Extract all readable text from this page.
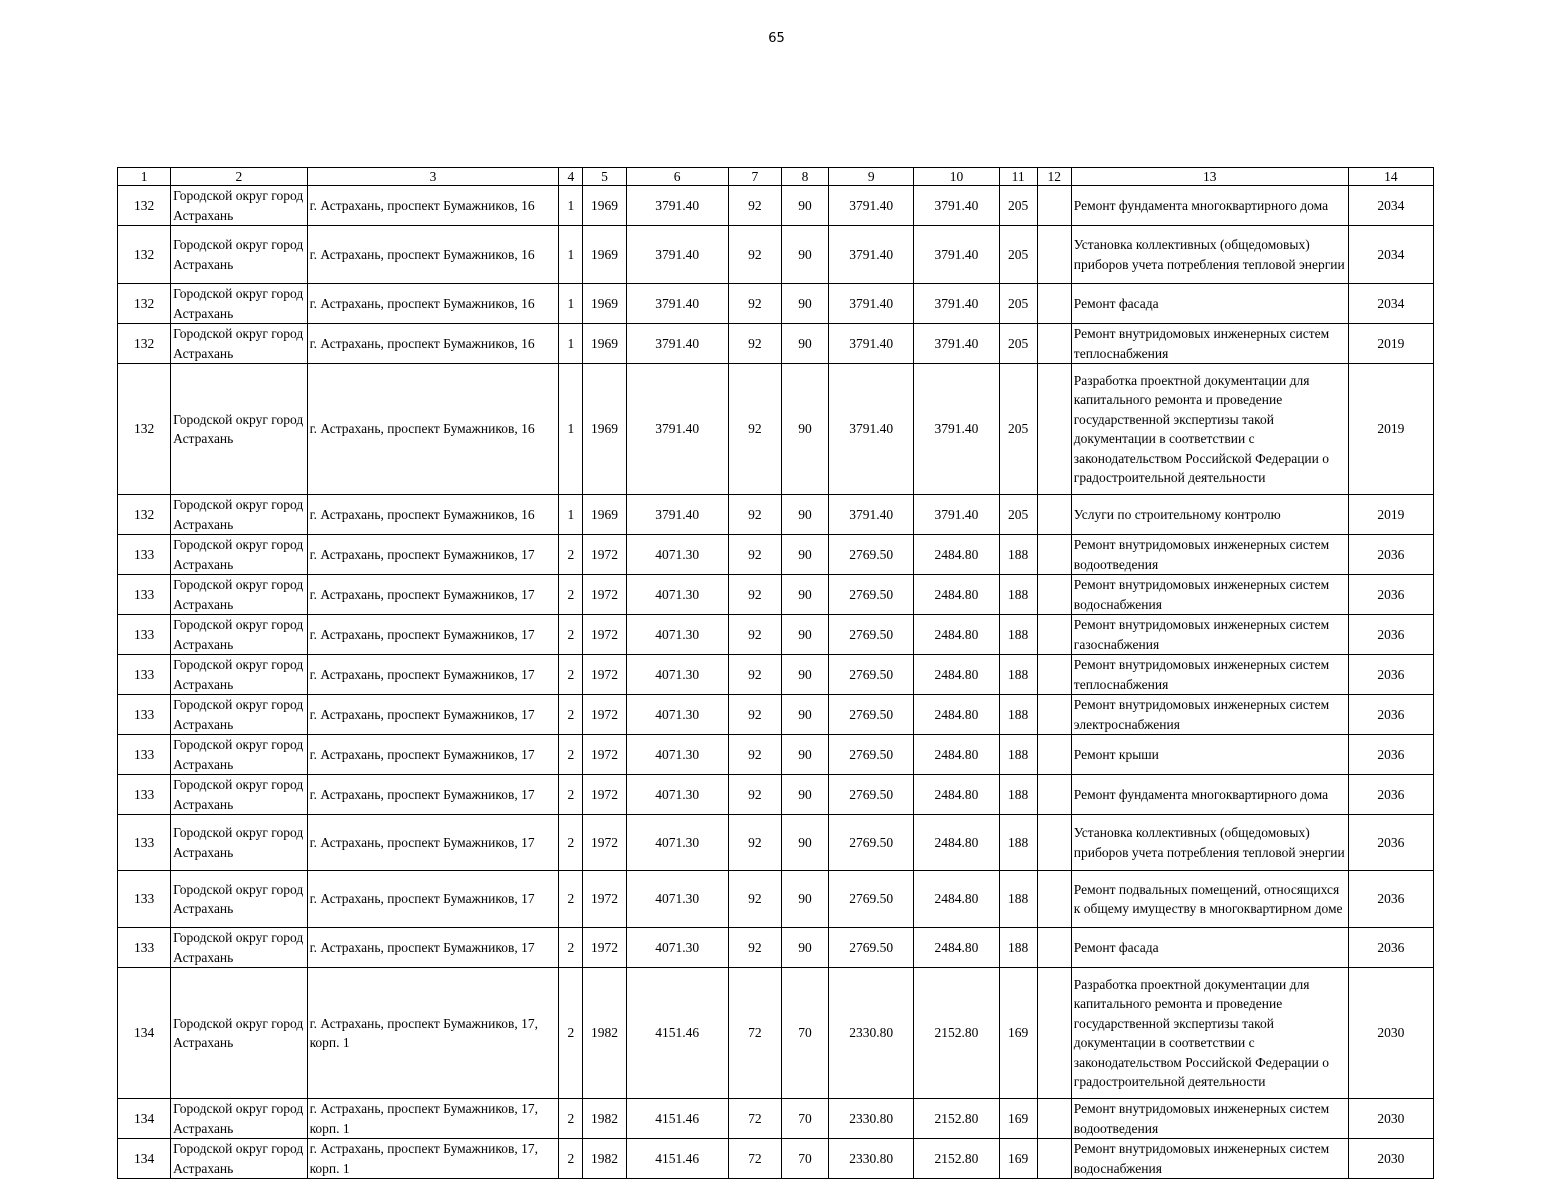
65
1	2	3	4	5	6	7	8	9	10	11	12	13	14
132	Городской округ город Астрахань	г. Астрахань, проспект Бумажников, 16	1	1969	3791.40	92	90	3791.40	3791.40	205		Ремонт фундамента многоквартирного дома	2034
132	Городской округ город Астрахань	г. Астрахань, проспект Бумажников, 16	1	1969	3791.40	92	90	3791.40	3791.40	205		Установка коллективных (общедомовых) приборов учета потребления тепловой энергии	2034
132	Городской округ город Астрахань	г. Астрахань, проспект Бумажников, 16	1	1969	3791.40	92	90	3791.40	3791.40	205		Ремонт фасада	2034
132	Городской округ город Астрахань	г. Астрахань, проспект Бумажников, 16	1	1969	3791.40	92	90	3791.40	3791.40	205		Ремонт внутридомовых инженерных систем теплоснабжения	2019
132	Городской округ город Астрахань	г. Астрахань, проспект Бумажников, 16	1	1969	3791.40	92	90	3791.40	3791.40	205		Разработка проектной документации для капитального ремонта и проведение государственной экспертизы такой документации в соответствии с законодательством Российской Федерации о градостроительной деятельности	2019
132	Городской округ город Астрахань	г. Астрахань, проспект Бумажников, 16	1	1969	3791.40	92	90	3791.40	3791.40	205		Услуги по строительному контролю	2019
133	Городской округ город Астрахань	г. Астрахань, проспект Бумажников, 17	2	1972	4071.30	92	90	2769.50	2484.80	188		Ремонт внутридомовых инженерных систем водоотведения	2036
133	Городской округ город Астрахань	г. Астрахань, проспект Бумажников, 17	2	1972	4071.30	92	90	2769.50	2484.80	188		Ремонт внутридомовых инженерных систем водоснабжения	2036
133	Городской округ город Астрахань	г. Астрахань, проспект Бумажников, 17	2	1972	4071.30	92	90	2769.50	2484.80	188		Ремонт внутридомовых инженерных систем газоснабжения	2036
133	Городской округ город Астрахань	г. Астрахань, проспект Бумажников, 17	2	1972	4071.30	92	90	2769.50	2484.80	188		Ремонт внутридомовых инженерных систем теплоснабжения	2036
133	Городской округ город Астрахань	г. Астрахань, проспект Бумажников, 17	2	1972	4071.30	92	90	2769.50	2484.80	188		Ремонт внутридомовых инженерных систем электроснабжения	2036
133	Городской округ город Астрахань	г. Астрахань, проспект Бумажников, 17	2	1972	4071.30	92	90	2769.50	2484.80	188		Ремонт крыши	2036
133	Городской округ город Астрахань	г. Астрахань, проспект Бумажников, 17	2	1972	4071.30	92	90	2769.50	2484.80	188		Ремонт фундамента многоквартирного дома	2036
133	Городской округ город Астрахань	г. Астрахань, проспект Бумажников, 17	2	1972	4071.30	92	90	2769.50	2484.80	188		Установка коллективных (общедомовых) приборов учета потребления тепловой энергии	2036
133	Городской округ город Астрахань	г. Астрахань, проспект Бумажников, 17	2	1972	4071.30	92	90	2769.50	2484.80	188		Ремонт подвальных помещений, относящихся к общему имуществу в многоквартирном доме	2036
133	Городской округ город Астрахань	г. Астрахань, проспект Бумажников, 17	2	1972	4071.30	92	90	2769.50	2484.80	188		Ремонт фасада	2036
134	Городской округ город Астрахань	г. Астрахань, проспект Бумажников, 17, корп. 1	2	1982	4151.46	72	70	2330.80	2152.80	169		Разработка проектной документации для капитального ремонта и проведение государственной экспертизы такой документации в соответствии с законодательством Российской Федерации о градостроительной деятельности	2030
134	Городской округ город Астрахань	г. Астрахань, проспект Бумажников, 17, корп. 1	2	1982	4151.46	72	70	2330.80	2152.80	169		Ремонт внутридомовых инженерных систем водоотведения	2030
134	Городской округ город Астрахань	г. Астрахань, проспект Бумажников, 17, корп. 1	2	1982	4151.46	72	70	2330.80	2152.80	169		Ремонт внутридомовых инженерных систем водоснабжения	2030
